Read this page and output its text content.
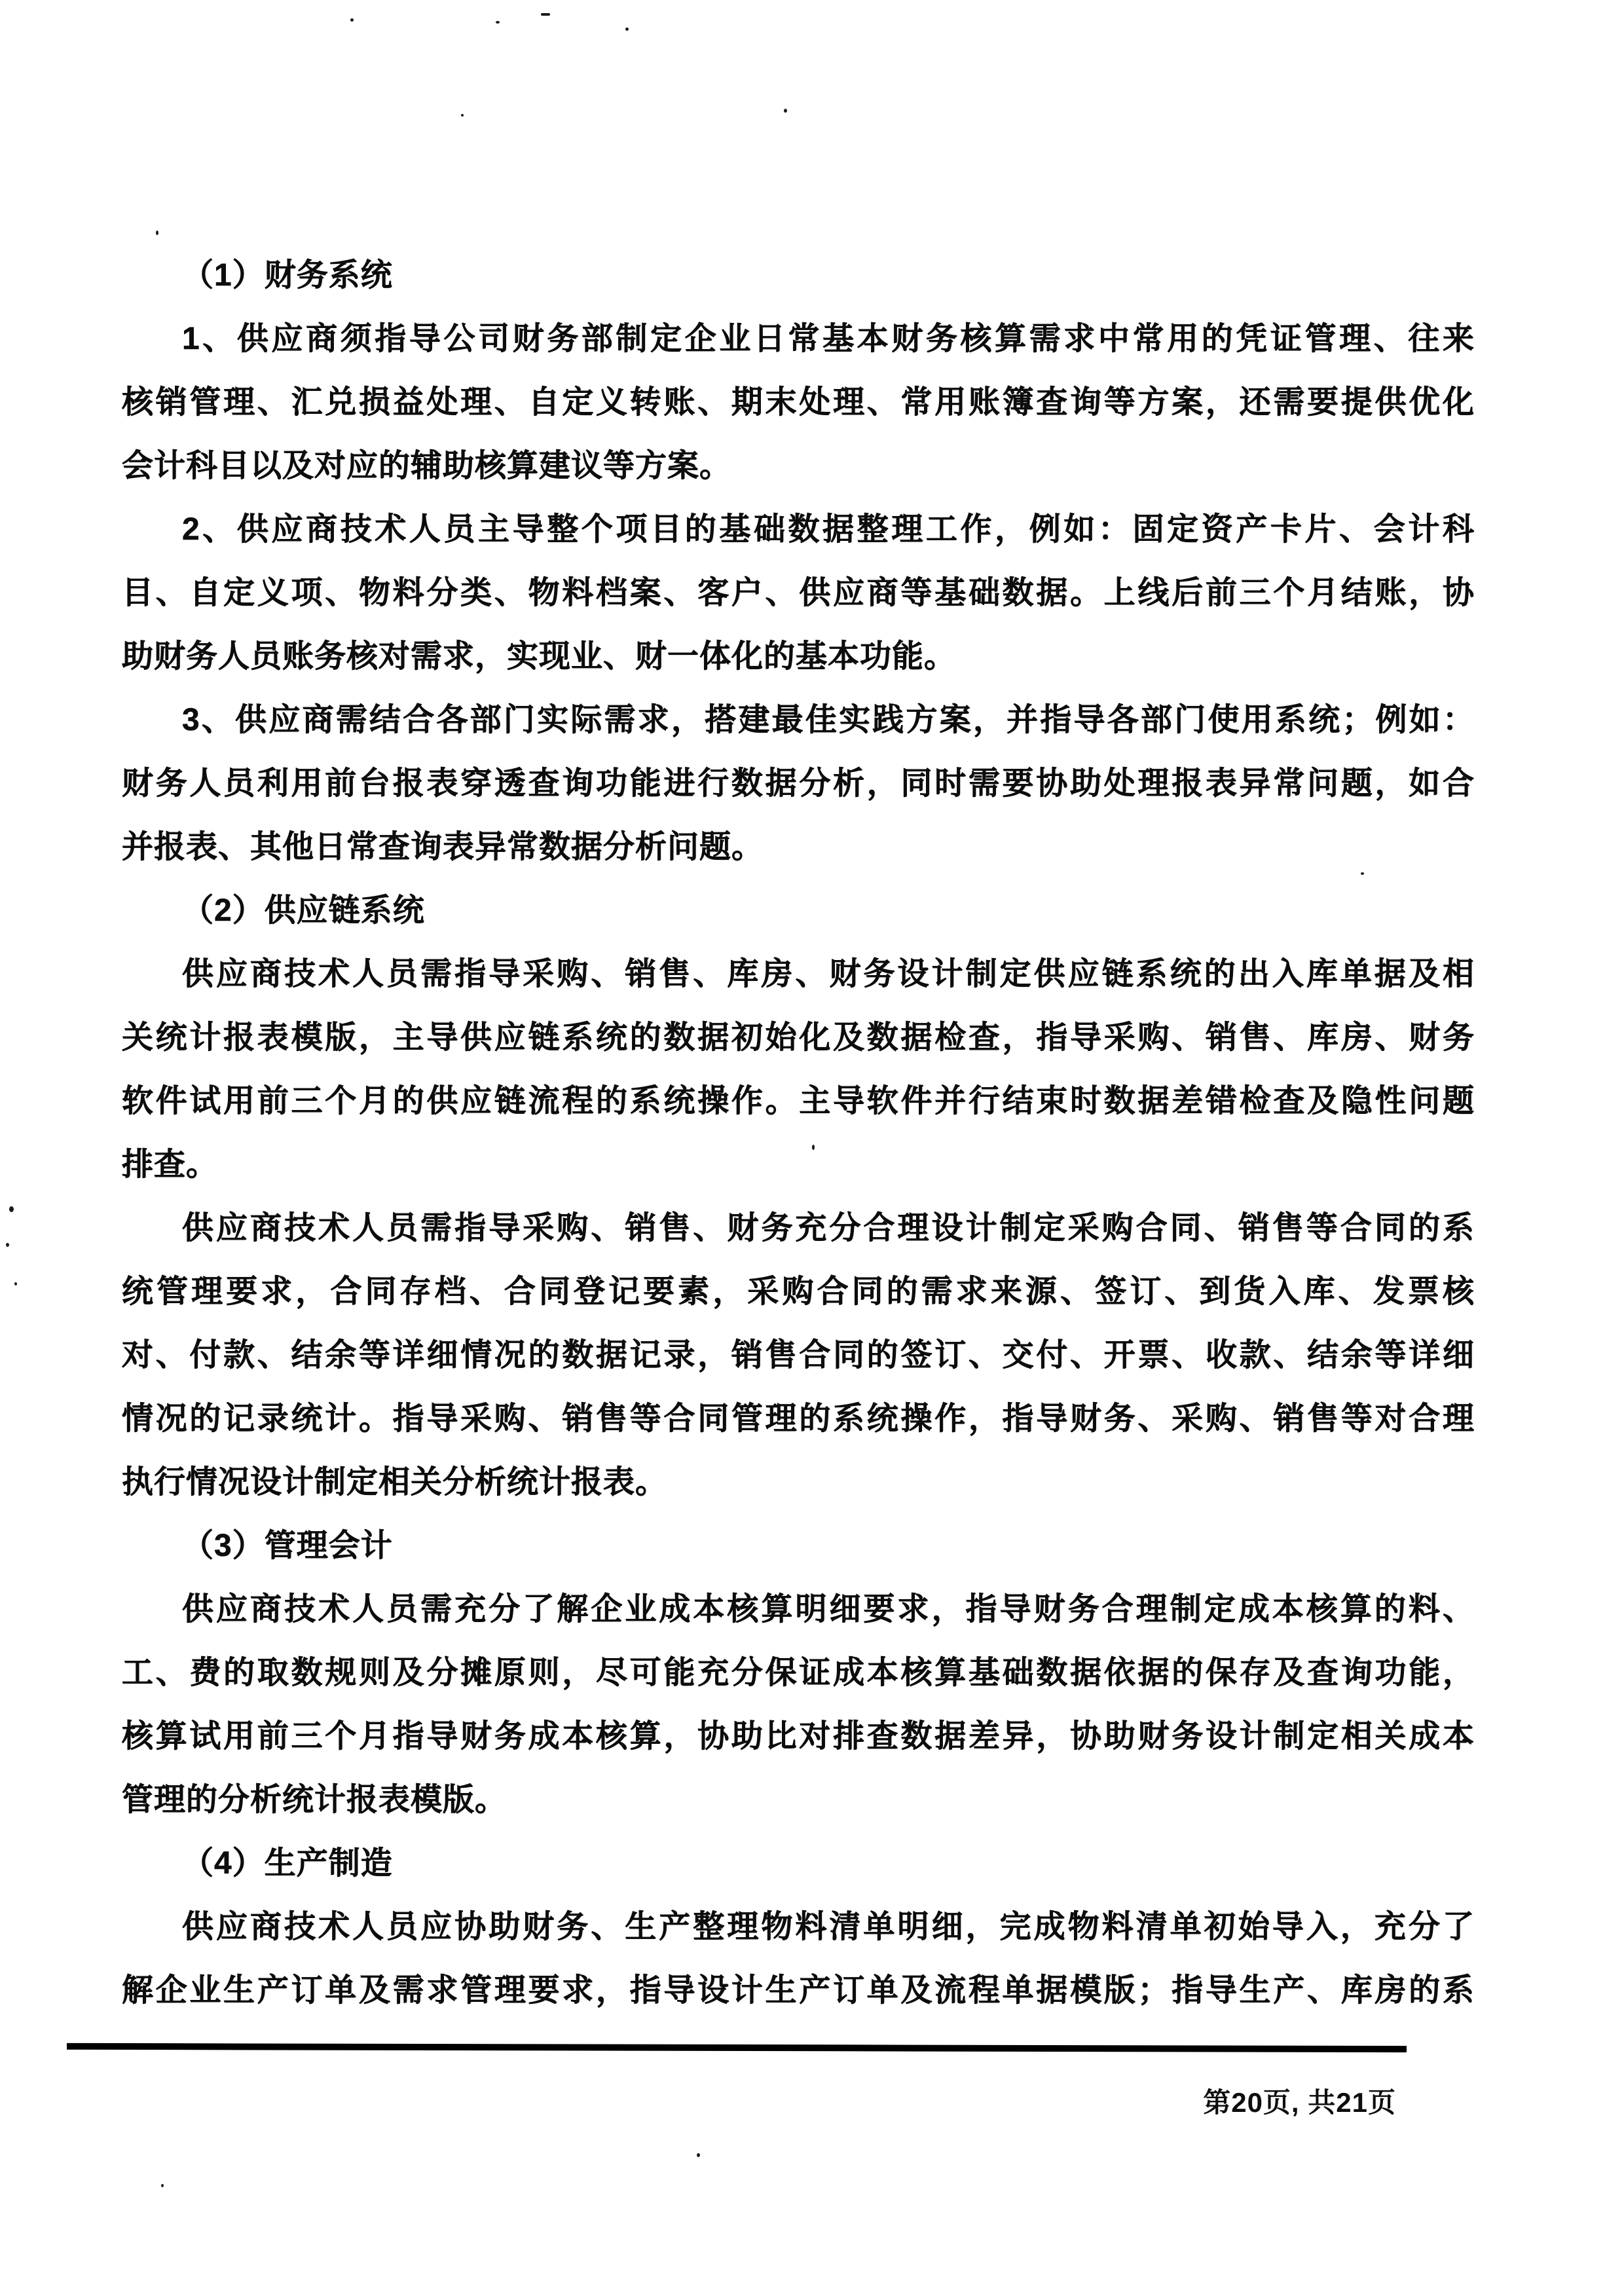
（1）财务系统
1、供应商须指导公司财务部制定企业日常基本财务核算需求中常用的凭证管理、往来
核销管理、汇兑损益处理、自定义转账、期末处理、常用账簿查询等方案，还需要提供优化
会计科目以及对应的辅助核算建议等方案。
2、供应商技术人员主导整个项目的基础数据整理工作，例如：固定资产卡片、会计科
目、自定义项、物料分类、物料档案、客户、供应商等基础数据。上线后前三个月结账，协
助财务人员账务核对需求，实现业、财一体化的基本功能。
3、供应商需结合各部门实际需求，搭建最佳实践方案，并指导各部门使用系统；例如：
财务人员利用前台报表穿透查询功能进行数据分析，同时需要协助处理报表异常问题，如合
并报表、其他日常查询表异常数据分析问题。
（2）供应链系统
供应商技术人员需指导采购、销售、库房、财务设计制定供应链系统的出入库单据及相
关统计报表模版，主导供应链系统的数据初始化及数据检查，指导采购、销售、库房、财务
软件试用前三个月的供应链流程的系统操作。主导软件并行结束时数据差错检查及隐性问题
排查。
供应商技术人员需指导采购、销售、财务充分合理设计制定采购合同、销售等合同的系
统管理要求，合同存档、合同登记要素，采购合同的需求来源、签订、到货入库、发票核
对、付款、结余等详细情况的数据记录，销售合同的签订、交付、开票、收款、结余等详细
情况的记录统计。指导采购、销售等合同管理的系统操作，指导财务、采购、销售等对合理
执行情况设计制定相关分析统计报表。
（3）管理会计
供应商技术人员需充分了解企业成本核算明细要求，指导财务合理制定成本核算的料、
工、费的取数规则及分摊原则，尽可能充分保证成本核算基础数据依据的保存及查询功能，
核算试用前三个月指导财务成本核算，协助比对排查数据差异，协助财务设计制定相关成本
管理的分析统计报表模版。
（4）生产制造
供应商技术人员应协助财务、生产整理物料清单明细，完成物料清单初始导入，充分了
解企业生产订单及需求管理要求，指导设计生产订单及流程单据模版；指导生产、库房的系
第20页, 共21页
